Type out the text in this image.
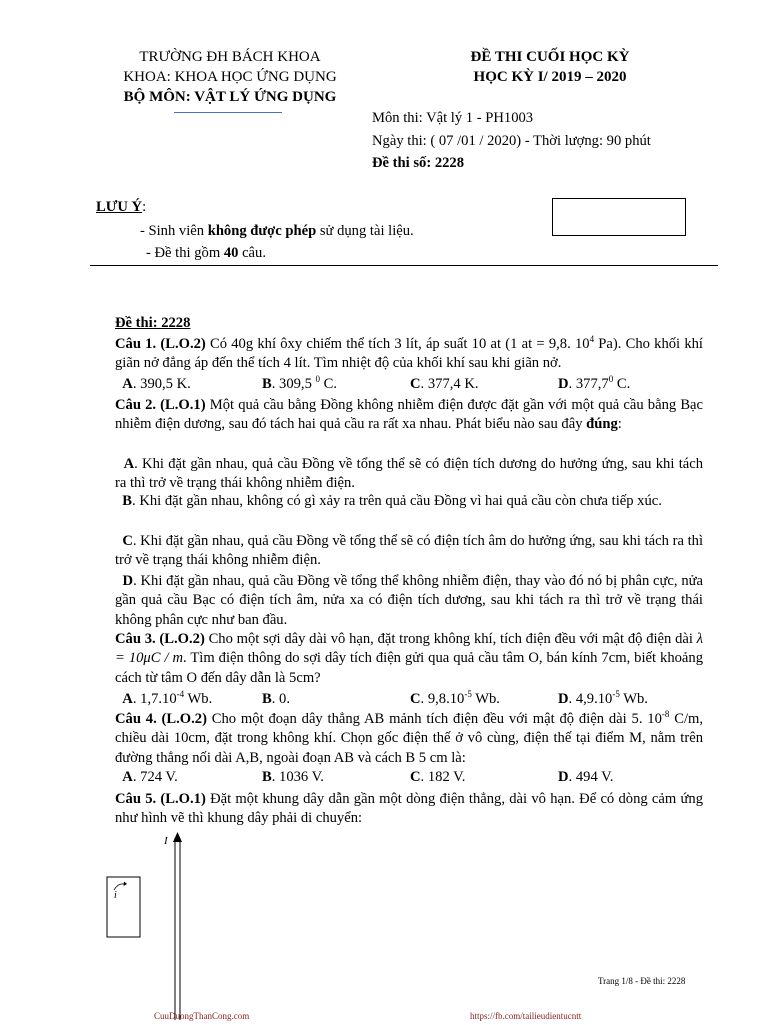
TRƯỜNG ĐH BÁCH KHOA
KHOA: KHOA HỌC ỨNG DỤNG
BỘ MÔN: VẬT LÝ ỨNG DỤNG
ĐỀ THI CUỐI HỌC KỲ
HỌC KỲ I/ 2019 – 2020
Môn thi: Vật lý 1 - PH1003
Ngày thi: ( 07 /01 / 2020) - Thời lượng: 90 phút
Đề thi số: 2228
LƯU Ý:
- Sinh viên không được phép sử dụng tài liệu.
- Đề thi gồm 40 câu.
Đề thi: 2228
Câu 1. (L.O.2) Có 40g khí ôxy chiếm thể tích 3 lít, áp suất 10 at (1 at = 9,8. $10^4$ Pa). Cho khối khí giãn nở đẳng áp đến thể tích 4 lít. Tìm nhiệt độ của khối khí sau khi giãn nở.
A. 390,5 K.	B. 309,5 $^0$ C.	C. 377,4 K.	D. 377,7$^0$ C.
Câu 2. (L.O.1) Một quả cầu bằng Đồng không nhiễm điện được đặt gần với một quả cầu bằng Bạc nhiễm điện dương, sau đó tách hai quả cầu ra rất xa nhau. Phát biểu nào sau đây đúng:
A. Khi đặt gần nhau, quả cầu Đồng về tổng thể sẽ có điện tích dương do hưởng ứng, sau khi tách ra thì trở về trạng thái không nhiễm điện.
B. Khi đặt gần nhau, không có gì xảy ra trên quả cầu Đồng vì hai quả cầu còn chưa tiếp xúc.
C. Khi đặt gần nhau, quả cầu Đồng về tổng thể sẽ có điện tích âm do hưởng ứng, sau khi tách ra thì trở về trạng thái không nhiễm điện.
D. Khi đặt gần nhau, quả cầu Đồng về tổng thể không nhiễm điện, thay vào đó nó bị phân cực, nửa gần quả cầu Bạc có điện tích âm, nửa xa có điện tích dương, sau khi tách ra thì trở về trạng thái không phân cực như ban đầu.
Câu 3. (L.O.2) Cho một sợi dây dài vô hạn, đặt trong không khí, tích điện đều với mật độ điện dài λ = 10μC / m. Tìm điện thông do sợi dây tích điện gửi qua quả cầu tâm O, bán kính 7cm, biết khoảng cách từ tâm O đến dây dẫn là 5cm?
A. $1,7.10^{-4}$ Wb.	B. 0.	C. $9,8.10^{-5}$ Wb.	D. $4,9.10^{-5}$ Wb.
Câu 4. (L.O.2) Cho một đoạn dây thẳng AB mảnh tích điện đều với mật độ điện dài 5. $10^{-8}$ C/m, chiều dài 10cm, đặt trong không khí. Chọn gốc điện thế ở vô cùng, điện thế tại điểm M, nằm trên đường thẳng nối dài A,B, ngoài đoạn AB và cách B 5 cm là:
A. 724 V.	B. 1036 V.	C. 182 V.	D. 494 V.
Câu 5. (L.O.1) Đặt một khung dây dẫn gần một dòng điện thẳng, dài vô hạn. Để có dòng cảm ứng như hình vẽ thì khung dây phải di chuyển:
I
i
Trang 1/8 - Đề thi: 2228
CuuDuongThanCong.com	https://fb.com/tailieudientucntt
